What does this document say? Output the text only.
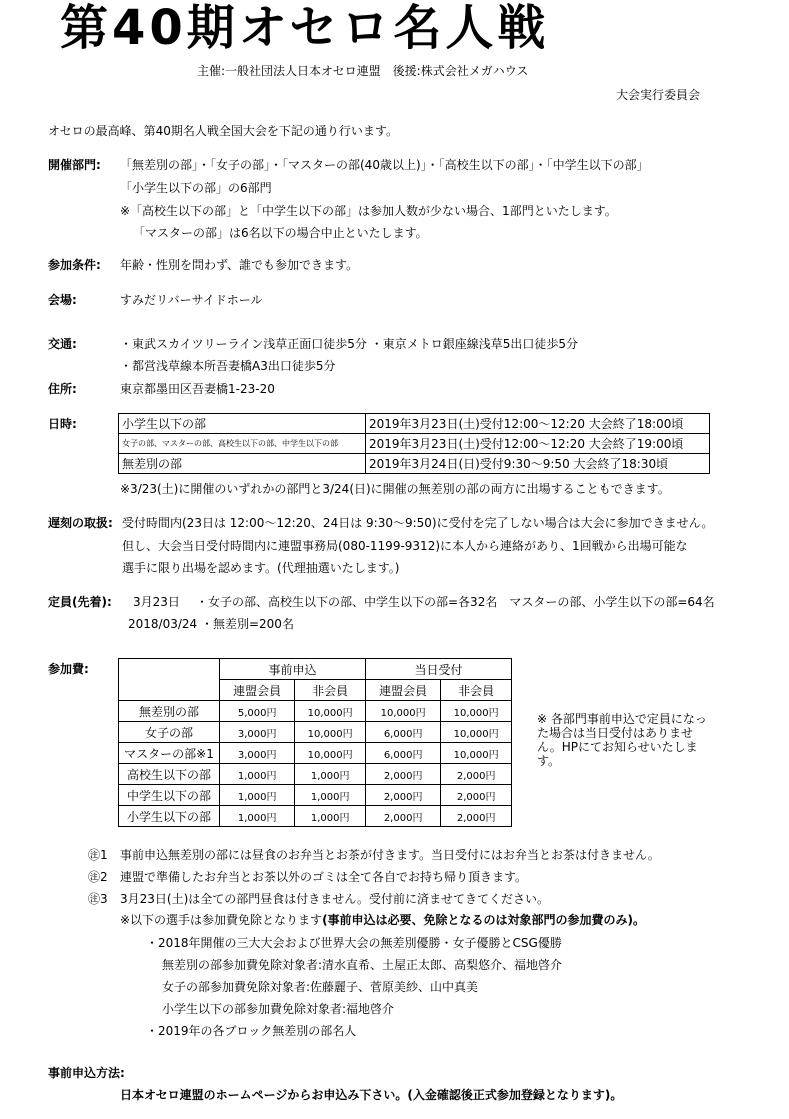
第40期オセロ名人戦
主催:一般社団法人日本オセロ連盟　後援:株式会社メガハウス
大会実行委員会
オセロの最高峰、第40期名人戦全国大会を下記の通り行います。
開催部門: 「無差別の部」・「女子の部」・「マスターの部(40歳以上)」・「高校生以下の部」・「中学生以下の部」
「小学生以下の部」の6部門
※「高校生以下の部」と「中学生以下の部」は参加人数が少ない場合、1部門といたします。
「マスターの部」は6名以下の場合中止といたします。
参加条件: 年齢・性別を問わず、誰でも参加できます。
会場:	すみだリバーサイドホール
交通:	・東武スカイツリーライン浅草正面口徒歩5分 ・東京メトロ銀座線浅草5出口徒歩5分
・都営浅草線本所吾妻橋A3出口徒歩5分
住所:	東京都墨田区吾妻橋1-23-20
日時:	小学生以下の部	2019年3月23日(土)受付12:00〜12:20 大会終了18:00頃
女子の部、マスターの部、高校生以下の部、中学生以下の部	2019年3月23日(土)受付12:00〜12:20 大会終了19:00頃
無差別の部	2019年3月24日(日)受付9:30〜9:50 大会終了18:30頃
※3/23(土)に開催のいずれかの部門と3/24(日)に開催の無差別の部の両方に出場することもできます。
遅刻の取扱: 受付時間内(23日は 12:00〜12:20、24日は 9:30〜9:50)に受付を完了しない場合は大会に参加できません。
但し、大会当日受付時間内に連盟事務局(080-1199-9312)に本人から連絡があり、1回戦から出場可能な
選手に限り出場を認めます。(代理抽選いたします。)
定員(先着): 3月23日 ・女子の部、高校生以下の部、中学生以下の部=各32名　マスターの部、小学生以下の部=64名
2018/03/24 ・無差別=200名
参加費:
		事前申込		当日受付	
	連盟会員	非会員	連盟会員	非会員
無差別の部	5,000円	10,000円	10,000円	10,000円
女子の部	3,000円	10,000円	6,000円	10,000円
マスターの部※1	3,000円	10,000円	6,000円	10,000円
高校生以下の部	1,000円	1,000円	2,000円	2,000円
中学生以下の部	1,000円	1,000円	2,000円	2,000円
小学生以下の部	1,000円	1,000円	2,000円	2,000円
※ 各部門事前申込で定員になった場合は当日受付はありません。HPにてお知らせいたします。
㊟1 事前申込無差別の部には昼食のお弁当とお茶が付きます。当日受付にはお弁当とお茶は付きません。
㊟2 連盟で準備したお弁当とお茶以外のゴミは全て各自でお持ち帰り頂きます。
㊟3 3月23日(土)は全ての部門昼食は付きません。受付前に済ませてきてください。
※以下の選手は参加費免除となります(事前申込は必要、免除となるのは対象部門の参加費のみ)。
・2018年開催の三大大会および世界大会の無差別優勝・女子優勝とCSG優勝
無差別の部参加費免除対象者:清水直希、土屋正太郎、高梨悠介、福地啓介
女子の部参加費免除対象者:佐藤麗子、菅原美紗、山中真美
小学生以下の部参加費免除対象者:福地啓介
・2019年の各ブロック無差別の部名人
事前申込方法:
日本オセロ連盟のホームページからお申込み下さい。(入金確認後正式参加登録となります)。
